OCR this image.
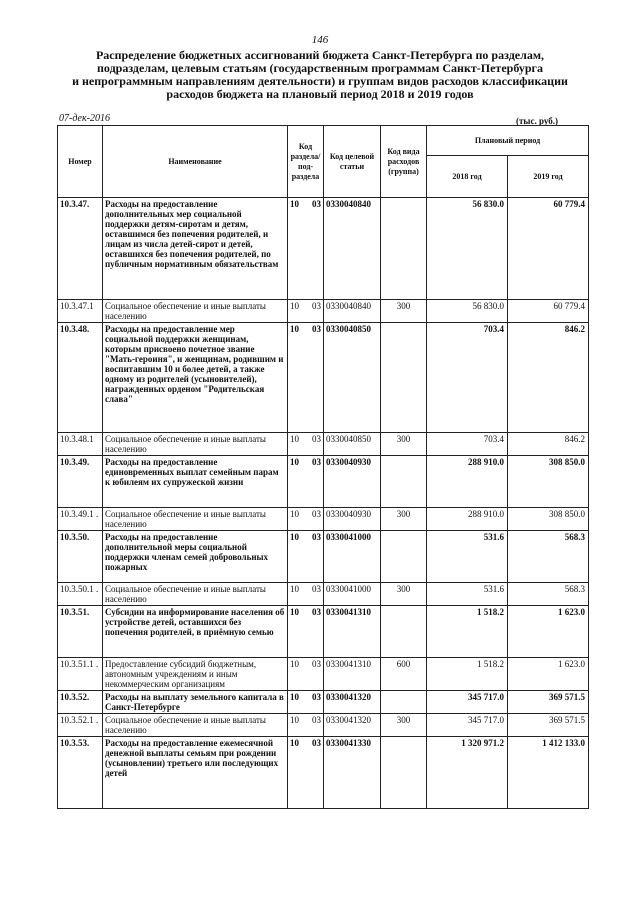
146
Распределение бюджетных ассигнований бюджета Санкт-Петербурга по разделам,
подразделам, целевым статьям (государственным программам Санкт-Петербурга
и непрограммным направлениям деятельности) и группам видов расходов классификации
расходов бюджета на плановый период 2018 и 2019 годов
07-дек-2016	(тыс. руб.)
Номер	Наименование	Код раздела/ под-раздела	Код целевой статьи	Код вида расходов (группа)	Плановый период	
					2018 год	2019 год
10.3.47.	Расходы на предоставление дополнительных мер социальной поддержки детям-сиротам и детям, оставшимся без попечения родителей, и лицам из числа детей-сирот и детей, оставшихся без попечения родителей, по публичным нормативным обязательствам	10 03	0330040840		56 830.0	60 779.4
10.3.47.1	Социальное обеспечение и иные выплаты населению	10 03	0330040840	300	56 830.0	60 779.4
10.3.48.	Расходы на предоставление мер социальной поддержки женщинам, которым присвоено почетное звание "Мать-героиня", и женщинам, родившим и воспитавшим 10 и более детей, а также одному из родителей (усыновителей), награжденных орденом "Родительская слава"	10 03	0330040850		703.4	846.2
10.3.48.1	Социальное обеспечение и иные выплаты населению	10 03	0330040850	300	703.4	846.2
10.3.49.	Расходы на предоставление единовременных выплат семейным парам к юбилеям их супружеской жизни	10 03	0330040930		288 910.0	308 850.0
10.3.49.1 .	Социальное обеспечение и иные выплаты населению	10 03	0330040930	300	288 910.0	308 850.0
10.3.50.	Расходы на предоставление дополнительной меры социальной поддержки членам семей добровольных пожарных	10 03	0330041000		531.6	568.3
10.3.50.1 .	Социальное обеспечение и иные выплаты населению	10 03	0330041000	300	531.6	568.3
10.3.51.	Субсидии на информирование населения об устройстве детей, оставшихся без попечения родителей, в приёмную семью	10 03	0330041310		1 518.2	1 623.0
10.3.51.1 .	Предоставление субсидий бюджетным, автономным учреждениям и иным некоммерческим организациям	10 03	0330041310	600	1 518.2	1 623.0
10.3.52.	Расходы на выплату земельного капитала в Санкт-Петербурге	10 03	0330041320		345 717.0	369 571.5
10.3.52.1 .	Социальное обеспечение и иные выплаты населению	10 03	0330041320	300	345 717.0	369 571.5
10.3.53.	Расходы на предоставление ежемесячной денежной выплаты семьям при рождении (усыновлении) третьего или последующих детей	10 03	0330041330		1 320 971.2	1 412 133.0
